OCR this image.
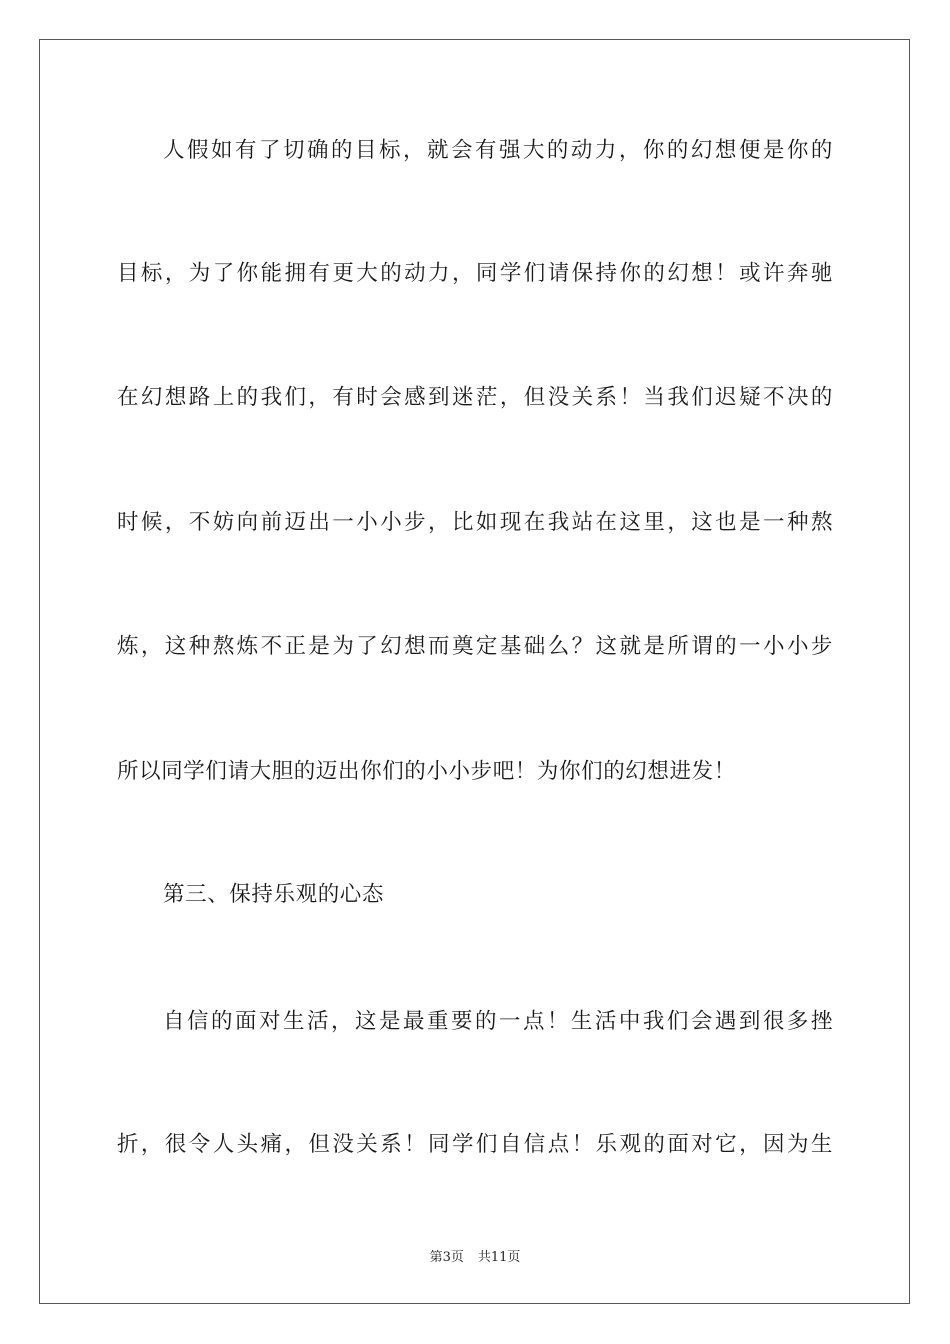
人假如有了切确的目标，就会有强大的动力，你的幻想便是你的
目标，为了你能拥有更大的动力，同学们请保持你的幻想！或许奔驰
在幻想路上的我们，有时会感到迷茫，但没关系！当我们迟疑不决的
时候，不妨向前迈出一小小步，比如现在我站在这里，这也是一种熬
炼，这种熬炼不正是为了幻想而奠定基础么？这就是所谓的一小小步
所以同学们请大胆的迈出你们的小小步吧！为你们的幻想进发！
第三、保持乐观的心态
自信的面对生活，这是最重要的一点！生活中我们会遇到很多挫
折，很令人头痛，但没关系！同学们自信点！乐观的面对它，因为生
第3页 共11页
